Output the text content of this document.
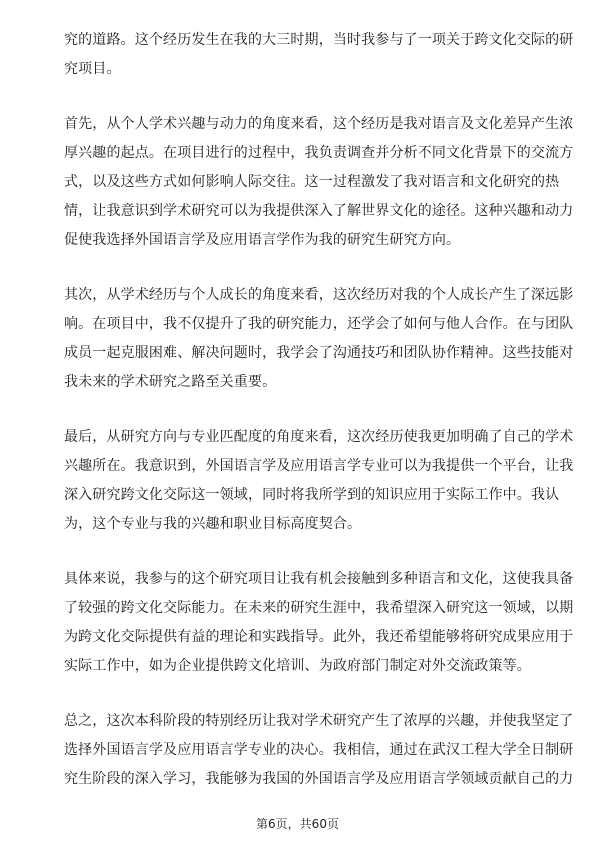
究的道路。这个经历发生在我的大三时期，当时我参与了一项关于跨文化交际的研
究项目。

首先，从个人学术兴趣与动力的角度来看，这个经历是我对语言及文化差异产生浓
厚兴趣的起点。在项目进行的过程中，我负责调查并分析不同文化背景下的交流方
式，以及这些方式如何影响人际交往。这一过程激发了我对语言和文化研究的热
情，让我意识到学术研究可以为我提供深入了解世界文化的途径。这种兴趣和动力
促使我选择外国语言学及应用语言学作为我的研究生研究方向。

其次，从学术经历与个人成长的角度来看，这次经历对我的个人成长产生了深远影
响。在项目中，我不仅提升了我的研究能力，还学会了如何与他人合作。在与团队
成员一起克服困难、解决问题时，我学会了沟通技巧和团队协作精神。这些技能对
我未来的学术研究之路至关重要。

最后，从研究方向与专业匹配度的角度来看，这次经历使我更加明确了自己的学术
兴趣所在。我意识到，外国语言学及应用语言学专业可以为我提供一个平台，让我
深入研究跨文化交际这一领域，同时将我所学到的知识应用于实际工作中。我认
为，这个专业与我的兴趣和职业目标高度契合。

具体来说，我参与的这个研究项目让我有机会接触到多种语言和文化，这使我具备
了较强的跨文化交际能力。在未来的研究生涯中，我希望深入研究这一领域，以期
为跨文化交际提供有益的理论和实践指导。此外，我还希望能够将研究成果应用于
实际工作中，如为企业提供跨文化培训、为政府部门制定对外交流政策等。

总之，这次本科阶段的特别经历让我对学术研究产生了浓厚的兴趣，并使我坚定了
选择外国语言学及应用语言学专业的决心。我相信，通过在武汉工程大学全日制研
究生阶段的深入学习，我能够为我国的外国语言学及应用语言学领域贡献自己的力

第6页，共60页
